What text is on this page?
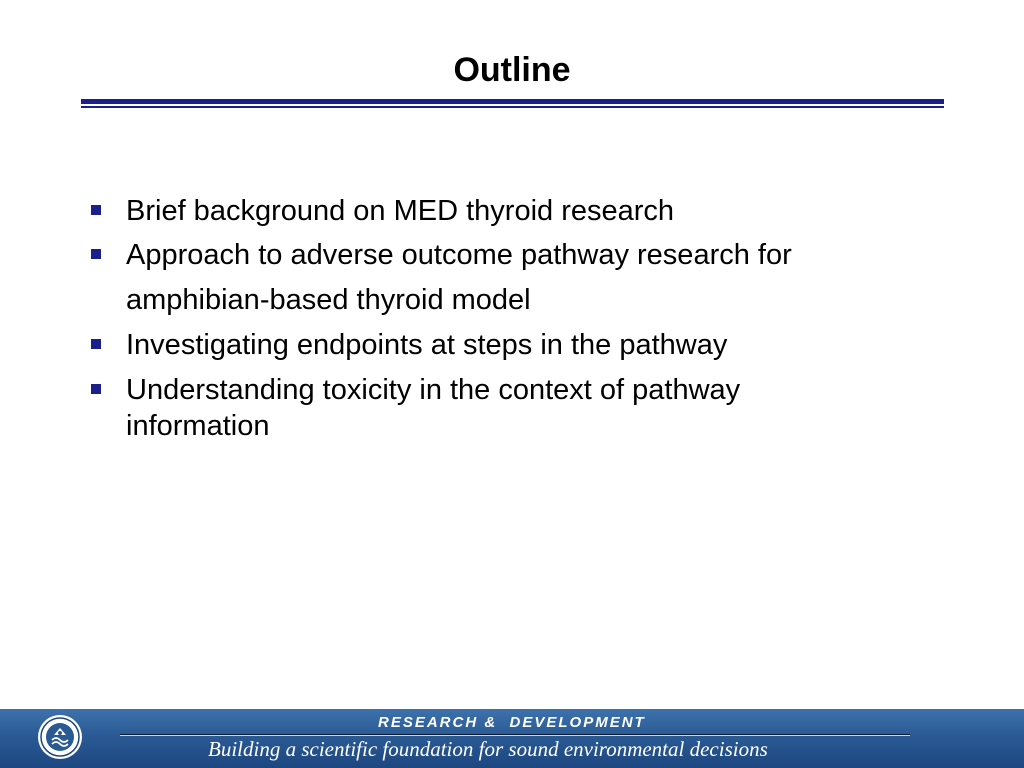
Outline
Brief background on MED thyroid research
Approach to adverse outcome pathway research for
amphibian-based thyroid model
Investigating endpoints at steps in the pathway
Understanding toxicity in the context of pathway
information
RESEARCH &  DEVELOPMENT
Building a scientific foundation for sound environmental decisions
